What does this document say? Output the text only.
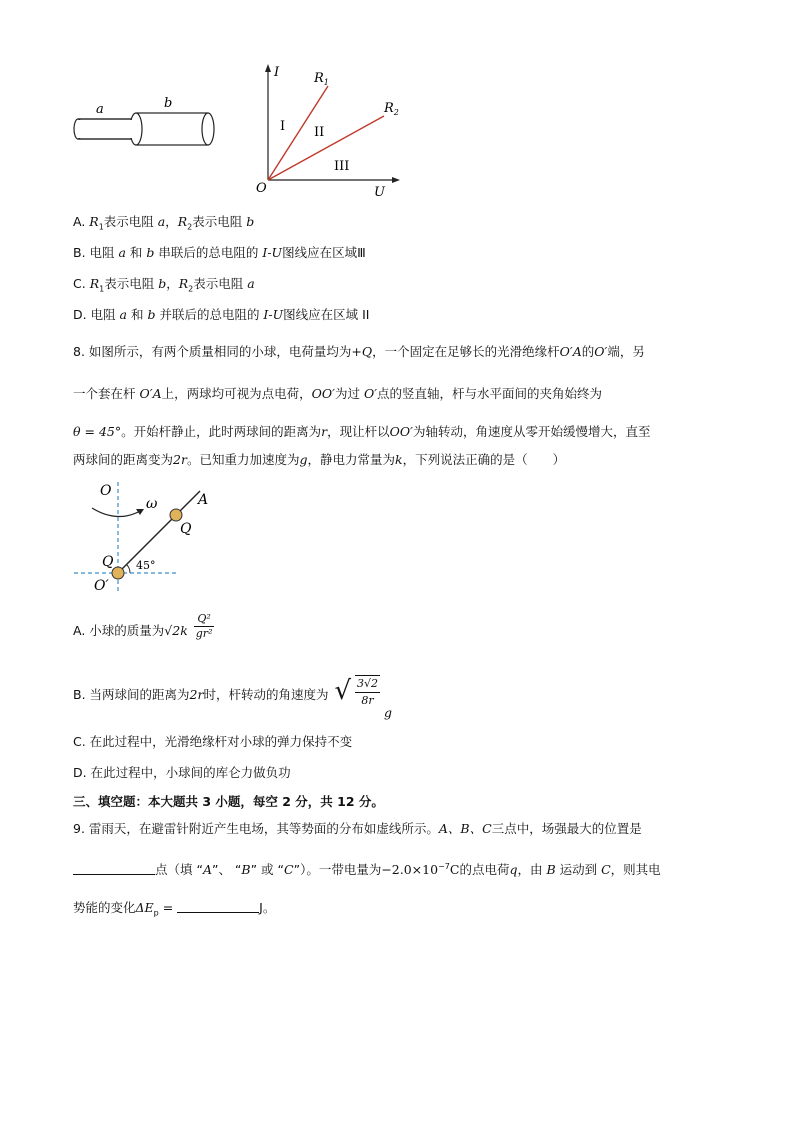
a	b
I
U
O
$R_1$
$R_2$
I II
III
A. $R_1$表示电阻 a，$R_2$表示电阻 b
B. 电阻 a 和 b 串联后的总电阻的 I-U图线应在区域Ⅲ
C. $R_1$表示电阻 b，$R_2$表示电阻 a
D. 电阻 a 和 b 并联后的总电阻的 I-U图线应在区域 II
8. 如图所示，有两个质量相同的小球，电荷量均为+Q，一个固定在足够长的光滑绝缘杆O′A的O′端，另
一个套在杆 O′A上，两球均可视为点电荷，OO′为过 O′点的竖直轴，杆与水平面间的夹角始终为
θ = 45°。开始杆静止，此时两球间的距离为r，现让杆以OO′为轴转动，角速度从零开始缓慢增大，直至
两球间的距离变为2r。已知重力加速度为g，静电力常量为k，下列说法正确的是（　　）
O
ω	A
Q
Q
O′
45°
A. 小球的质量为$√2k \frac{\text{Q²}}{\text{gr²}}$
B. 当两球间的距离为2r时，杆转动的角速度为 √ $\frac{3√2}{8r}$
g
C. 在此过程中，光滑绝缘杆对小球的弹力保持不变
D. 在此过程中，小球间的库仑力做负功
三、填空题：本大题共 3 小题，每空 2 分，共 12 分。
9. 雷雨天，在避雷针附近产生电场，其等势面的分布如虚线所示。A、B、C三点中，场强最大的位置是
点（填 “A”、 “B” 或 “C”）。一带电量为$-2.0\times 10^{-7}C$的点电荷q，由 B 运动到 C，则其电
势能的变化$\Delta E_p$ =	J。
